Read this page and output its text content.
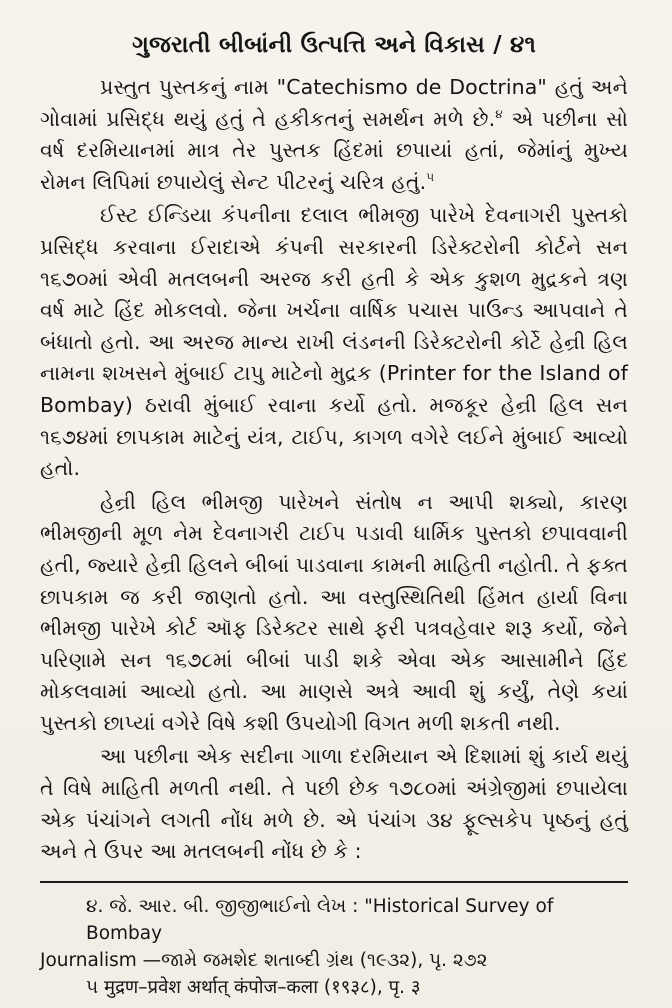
ગુજરાતી બીબાંની ઉત્પત્તિ અને વિકાસ / ૪૧

પ્રસ્તુત પુસ્તકનું નામ "Catechismo de Doctrina" હતું અને ગોવામાં પ્રસિદ્ધ થયું હતું તે હકીકતનું સમર્થન મળે છે.$^૪$ એ પછીના સો વર્ષ દરમિયાનમાં માત્ર તેર પુસ્તક હિંદમાં છપાયાં હતાં, જેમાંનું મુખ્ય રોમન લિપિમાં છપાયેલું સેન્ટ પીટરનું ચરિત્ર હતું.$^૫$

ઈસ્ટ ઈન્ડિયા કંપનીના દલાલ ભીમજી પારેખે દેવનાગરી પુસ્તકો પ્રસિદ્ધ કરવાના ઈરાદાએ કંપની સરકારની ડિરેક્ટરોની કોર્ટને સન ૧૬૭૦માં એવી મતલબની અરજ કરી હતી કે એક કુશળ મુદ્રકને ત્રણ વર્ષ માટે હિંદ મોકલવો. જેના ખર્ચના વાર્ષિક પચાસ પાઉન્ડ આપવાને તે બંધાતો હતો. આ અરજ માન્ય રાખી લંડનની ડિરેક્ટરોની કોર્ટે હેન્રી હિલ નામના શખસને મુંબાઈ ટાપુ માટેનો મુદ્રક (Printer for the Island of Bombay) ઠરાવી મુંબાઈ રવાના કર્યો હતો. મજકૂર હેન્રી હિલ સન ૧૬૭૪માં છાપકામ માટેનું યંત્ર, ટાઈપ, કાગળ વગેરે લઈને મુંબાઈ આવ્યો હતો.

હેન્રી હિલ ભીમજી પારેખને સંતોષ ન આપી શક્યો, કારણ ભીમજીની મૂળ નેમ દેવનાગરી ટાઈપ પડાવી ધાર્મિક પુસ્તકો છપાવવાની હતી, જ્યારે હેન્રી હિલને બીબાં પાડવાના કામની માહિતી નહોતી. તે ફક્ત છાપકામ જ કરી જાણતો હતો. આ વસ્તુસ્થિતિથી હિંમત હાર્યા વિના ભીમજી પારેખે કોર્ટ ઑફ ડિરેક્ટર સાથે ફરી પત્રવહેવાર શરૂ કર્યો, જેને પરિણામે સન ૧૬૭૮માં બીબાં પાડી શકે એવા એક આસામીને હિંદ મોકલવામાં આવ્યો હતો. આ માણસે અત્રે આવી શું કર્યું, તેણે કયાં પુસ્તકો છાપ્યાં વગેરે વિષે કશી ઉપયોગી વિગત મળી શકતી નથી.

આ પછીના એક સદીના ગાળા દરમિયાન એ દિશામાં શું કાર્ય થયું તે વિષે માહિતી મળતી નથી. તે પછી છેક ૧૭૮૦માં અંગ્રેજીમાં છપાયેલા એક પંચાંગને લગતી નોંધ મળે છે. એ પંચાંગ ૩૪ ફૂલ્સકેપ પૃષ્ઠનું હતું અને તે ઉપર આ મતલબની નોંધ છે કે :

૪. જે. આર. બી. જીજીભાઈનો લેખ : "Historical Survey of Bombay

Journalism —જામે જમશેદ શતાબ્દી ગ્રંથ (૧૯૩૨), પૃ. ૨૭૨

૫ मुद्रण–प्रवेश अर्थात् कंपोज–कला (१९३८), पृ. ३
